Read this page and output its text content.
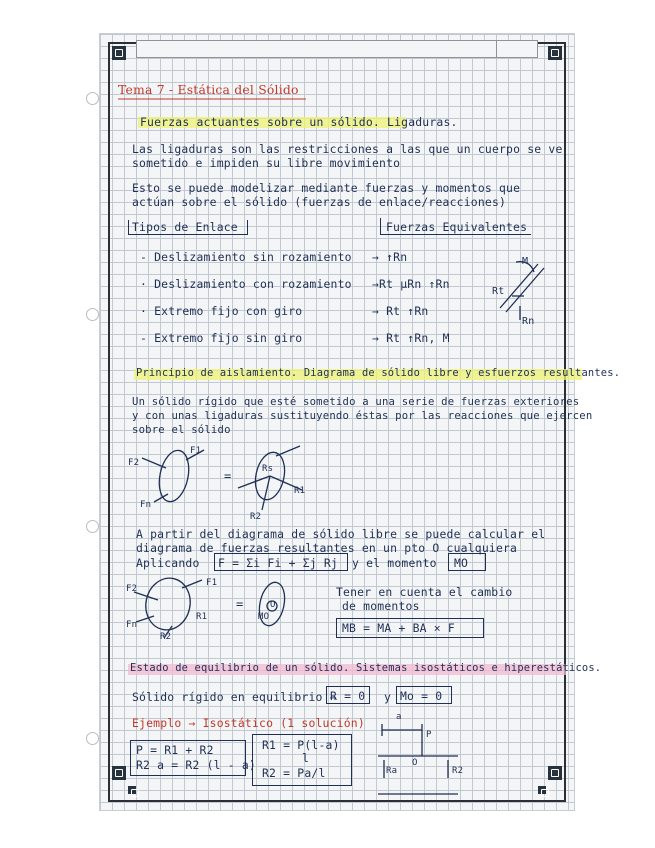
Tema 7 - Estática del Sólido
Fuerzas actuantes sobre un sólido. Ligaduras.
Las ligaduras son las restricciones a las que un cuerpo se ve
sometido e impiden su libre movimiento
Esto se puede modelizar mediante fuerzas y momentos que
actúan sobre el sólido (fuerzas de enlace/reacciones)
Tipos de Enlace	Fuerzas Equivalentes
- Deslizamiento sin rozamiento → ↑Rn
· Deslizamiento con rozamiento →Rt μRn ↑Rn
· Extremo fijo con giro	→ Rt ↑Rn
- Extremo fijo sin giro	→ Rt ↑Rn, M
M
Rt
Rn
Principio de aislamiento. Diagrama de sólido libre y esfuerzos resultantes.
Un sólido rígido que esté sometido a una serie de fuerzas exteriores
y con unas ligaduras sustituyendo éstas por las reacciones que ejercen
sobre el sólido
=
F2
F1
Fn
Rs
R1
R2
A partir del diagrama de sólido libre se puede calcular el
diagrama de fuerzas resultantes en un pto O cualquiera
Aplicando F = Σi Fi + Σj Rj y el momento MO
=
F2
F1
Fn
R1
R2
MO
O
Tener en cuenta el cambio
de momentos
MB = MA + BA × F
Estado de equilibrio de un sólido. Sistemas isostáticos e hiperestáticos.
Sólido rígido en equilibrio →
R = 0 y Mo = 0
Ejemplo → Isostático (1 solución)
P = R1 + R2
R2 a = R2 (l - a)
R1 = P(l-a)
l
R2 = Pa/l
a
P
O
Ra	R2
